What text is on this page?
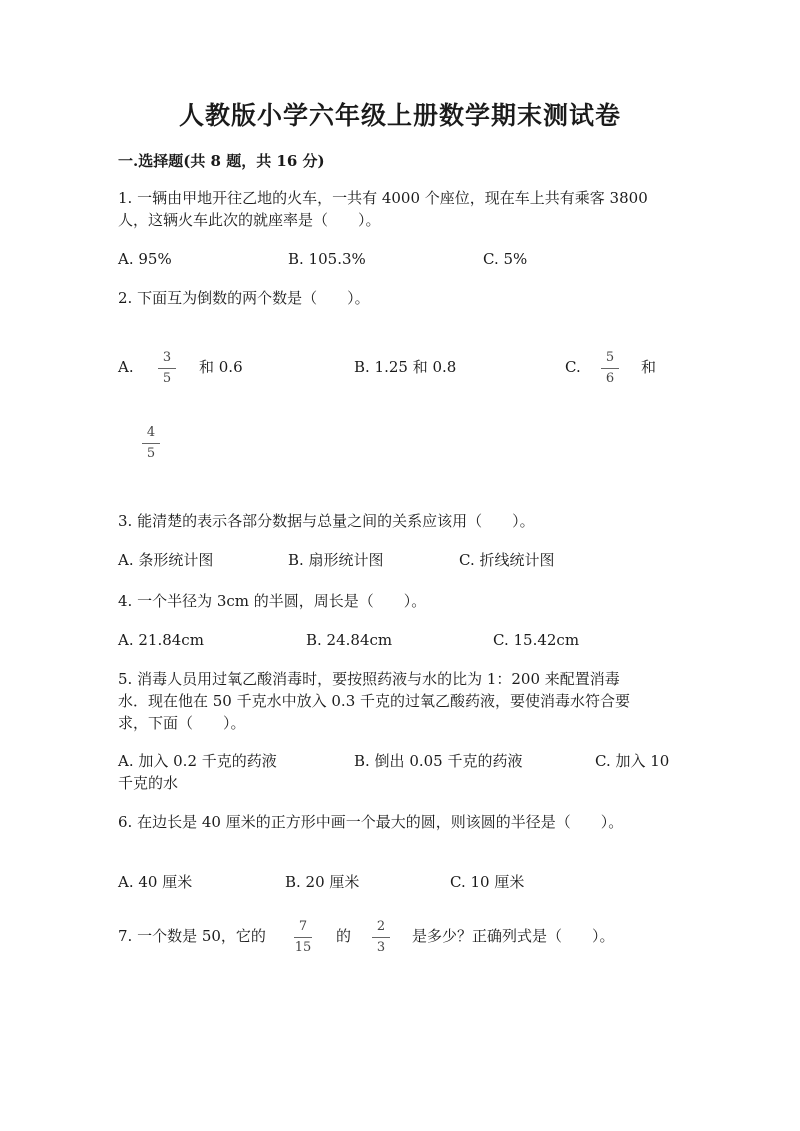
人教版小学六年级上册数学期末测试卷

一.选择题(共 8 题，共 16 分)

1. 一辆由甲地开往乙地的火车，一共有 4000 个座位，现在车上共有乘客 3800

人，这辆火车此次的就座率是（　　）。

A. 95%	B. 105.3%	C. 5%

2. 下面互为倒数的两个数是（　　）。

A.

3
5

和 0.6	B. 1.25 和 0.8	C.

5
6

和

4
5

3. 能清楚的表示各部分数据与总量之间的关系应该用（　　）。

A. 条形统计图	B. 扇形统计图	C. 折线统计图

4. 一个半径为 3cm 的半圆，周长是（　　）。

A. 21.84cm	B. 24.84cm	C. 15.42cm

5. 消毒人员用过氧乙酸消毒时，要按照药液与水的比为 1：200 来配置消毒

水．现在他在 50 千克水中放入 0.3 千克的过氧乙酸药液，要使消毒水符合要

求，下面（　　）。

A. 加入 0.2 千克的药液	B. 倒出 0.05 千克的药液	C. 加入 10

千克的水

6. 在边长是 40 厘米的正方形中画一个最大的圆，则该圆的半径是（　　）。

A. 40 厘米	B. 20 厘米	C. 10 厘米

7. 一个数是 50，它的

7
15

的

2
3

是多少？正确列式是（　　）。
